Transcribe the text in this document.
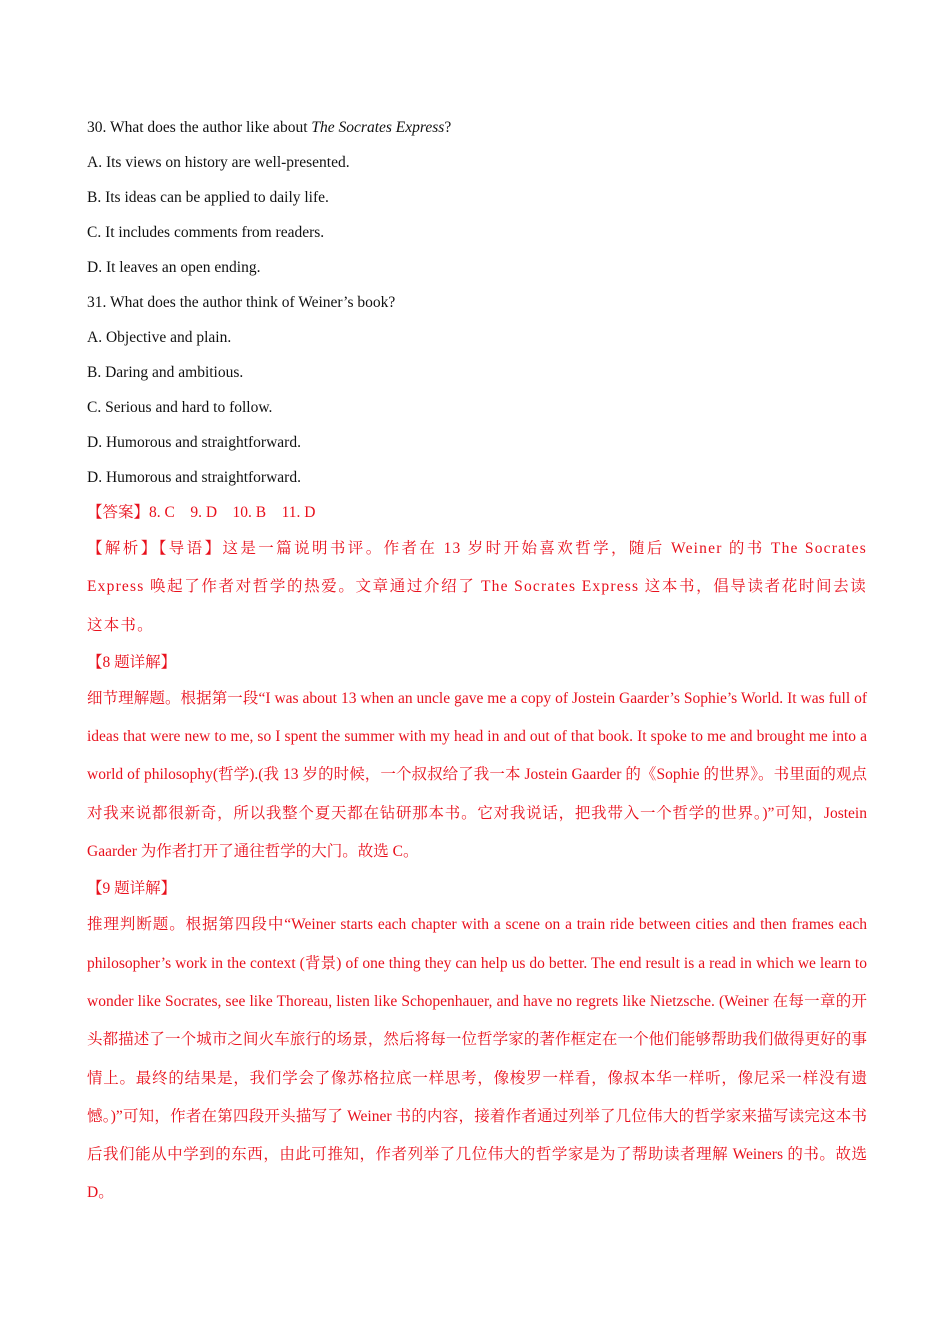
30. What does the author like about The Socrates Express?
A. Its views on history are well-presented.
B. Its ideas can be applied to daily life.
C. It includes comments from readers.
D. It leaves an open ending.
31. What does the author think of Weiner’s book?
A. Objective and plain.
B. Daring and ambitious.
C. Serious and hard to follow.
D. Humorous and straightforward.
D. Humorous and straightforward.
【答案】8. C    9. D    10. B    11. D

【解析】【导语】这是一篇说明书评。作者在 13 岁时开始喜欢哲学，随后 Weiner 的书 The Socrates Express 唤起了作者对哲学的热爱。文章通过介绍了 The Socrates Express 这本书，倡导读者花时间去读这本书。

【8 题详解】

细节理解题。根据第一段“I was about 13 when an uncle gave me a copy of Jostein Gaarder’s Sophie’s World. It was full of ideas that were new to me, so I spent the summer with my head in and out of that book. It spoke to me and brought me into a world of philosophy(哲学).(我 13 岁的时候，一个叔叔给了我一本 Jostein Gaarder 的《Sophie 的世界》。书里面的观点对我来说都很新奇，所以我整个夏天都在钻研那本书。它对我说话，把我带入一个哲学的世界。)”可知，Jostein Gaarder 为作者打开了通往哲学的大门。故选 C。

【9 题详解】

推理判断题。根据第四段中“Weiner starts each chapter with a scene on a train ride between cities and then frames each philosopher’s work in the context (背景) of one thing they can help us do better. The end result is a read in which we learn to wonder like Socrates, see like Thoreau, listen like Schopenhauer, and have no regrets like Nietzsche. (Weiner 在每一章的开头都描述了一个城市之间火车旅行的场景，然后将每一位哲学家的著作框定在一个他们能够帮助我们做得更好的事情上。最终的结果是，我们学会了像苏格拉底一样思考，像梭罗一样看，像叔本华一样听，像尼采一样没有遗憾。)”可知，作者在第四段开头描写了 Weiner 书的内容，接着作者通过列举了几位伟大的哲学家来描写读完这本书后我们能从中学到的东西，由此可推知，作者列举了几位伟大的哲学家是为了帮助读者理解 Weiners 的书。故选 D。
